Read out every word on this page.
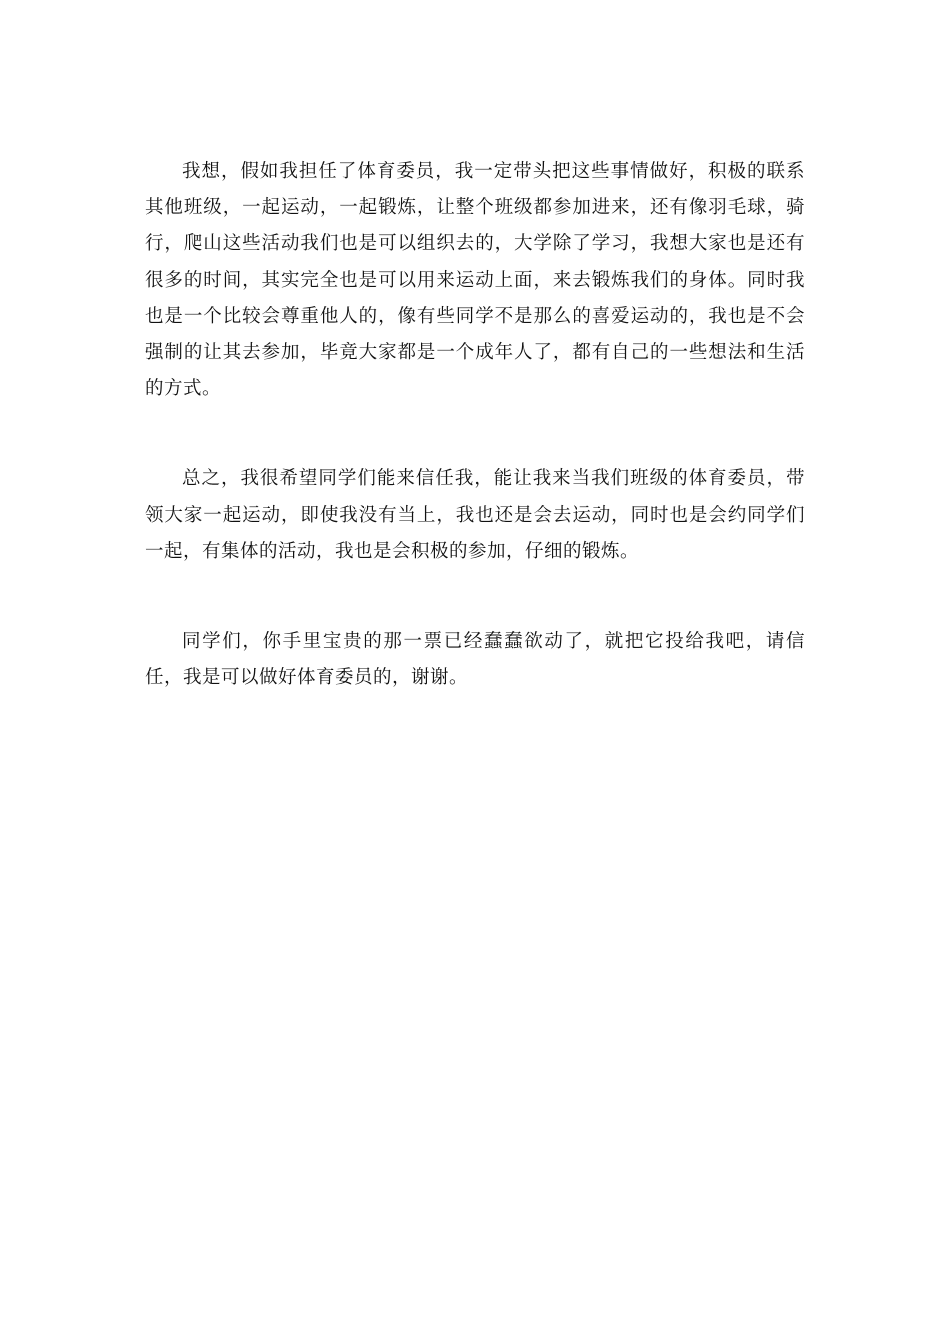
我想，假如我担任了体育委员，我一定带头把这些事情做好，积极的联系其他班级，一起运动，一起锻炼，让整个班级都参加进来，还有像羽毛球，骑行，爬山这些活动我们也是可以组织去的，大学除了学习，我想大家也是还有很多的时间，其实完全也是可以用来运动上面，来去锻炼我们的身体。同时我也是一个比较会尊重他人的，像有些同学不是那么的喜爱运动的，我也是不会强制的让其去参加，毕竟大家都是一个成年人了，都有自己的一些想法和生活的方式。

总之，我很希望同学们能来信任我，能让我来当我们班级的体育委员，带领大家一起运动，即使我没有当上，我也还是会去运动，同时也是会约同学们一起，有集体的活动，我也是会积极的参加，仔细的锻炼。

同学们，你手里宝贵的那一票已经蠢蠢欲动了，就把它投给我吧，请信任，我是可以做好体育委员的，谢谢。
